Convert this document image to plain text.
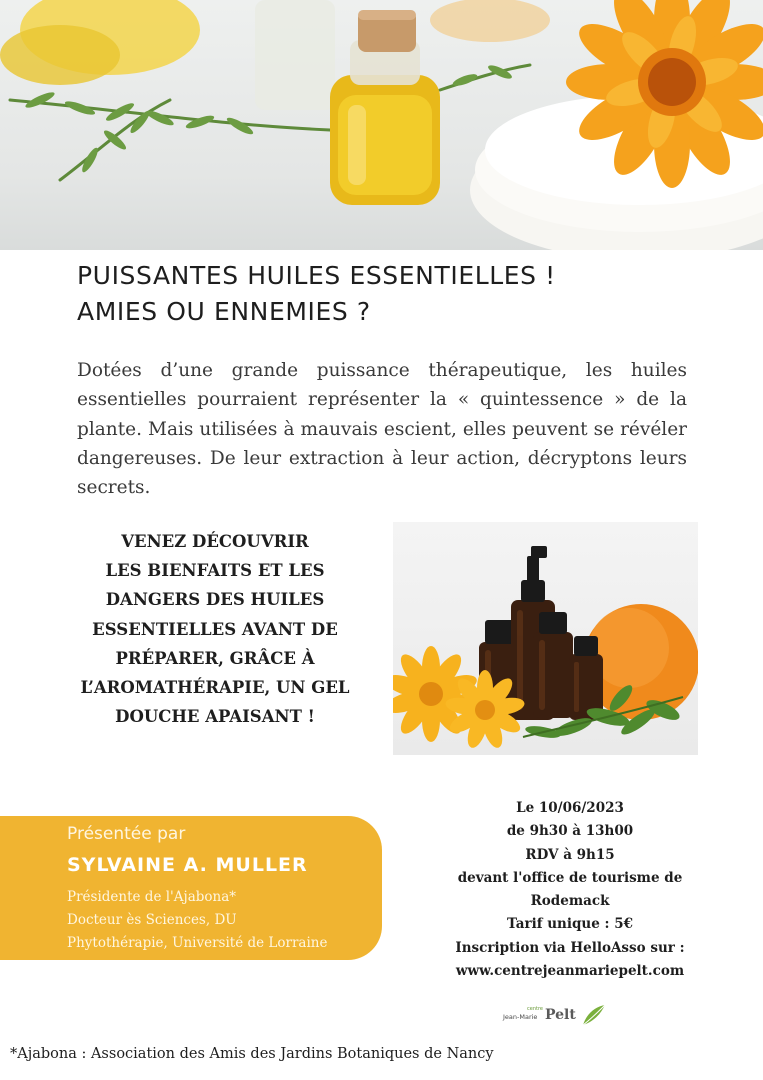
PUISSANTES HUILES ESSENTIELLES !
AMIES OU ENNEMIES ?

Dotées d’une grande puissance thérapeutique, les huiles essentielles pourraient représenter la « quintessence » de la plante. Mais utilisées à mauvais escient, elles peuvent se révéler dangereuses. De leur extraction à leur action, décryptons leurs secrets.

VENEZ DÉCOUVRIR
LES BIENFAITS ET LES
DANGERS DES HUILES
ESSENTIELLES AVANT DE
PRÉPARER, GRÂCE À
L’AROMATHÉRAPIE, UN GEL
DOUCHE APAISANT !
Présentée par
SYLVAINE A. MULLER
Présidente de l'Ajabona*
Docteur ès Sciences, DU
Phytothérapie, Université de Lorraine
Le 10/06/2023
de 9h30 à 13h00
RDV à 9h15
devant l'office de tourisme de
Rodemack
Tarif unique : 5€
Inscription via HelloAsso sur :
www.centrejeanmariepelt.com
centre
Jean-Marie Pelt

*Ajabona : Association des Amis des Jardins Botaniques de Nancy
